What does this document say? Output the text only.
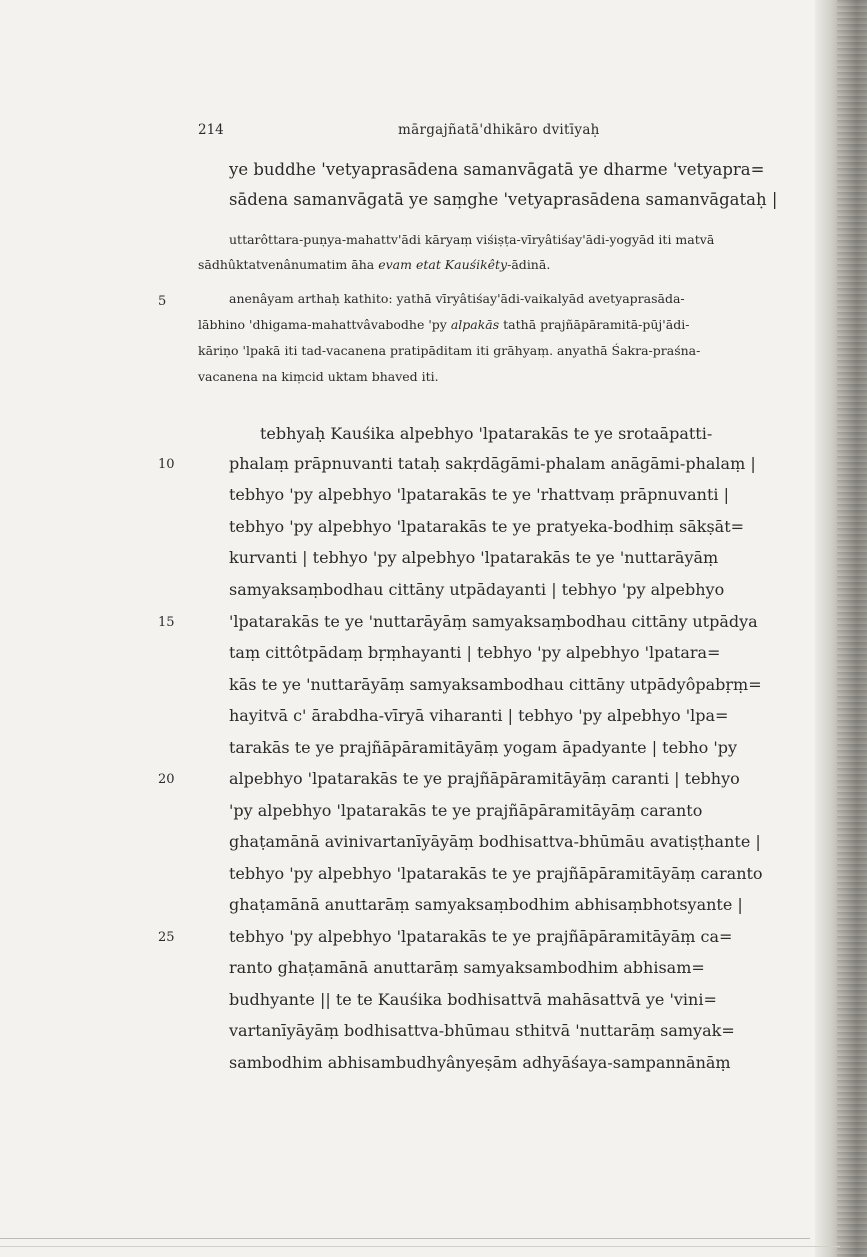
214	mārgajñatā'dhikāro dvitīyaḥ
ye buddhe 'vetyaprasādena samanvāgatā ye dharme 'vetyapra=
sādena samanvāgatā ye saṃghe 'vetyaprasādena samanvāgataḥ |
uttarôttara-puṇya-mahattv'ādi kāryaṃ viśiṣṭa-vīryâtiśay'ādi-yogyād iti matvā
sādhûktatvenânumatim āha evam etat Kauśikêty-ādinā.
anenâyam arthaḥ kathito: yathā vīryâtiśay'ādi-vaikalyād avetyaprasāda-
lābhino 'dhigama-mahattvâvabodhe 'py alpakās tathā prajñāpāramitā-pūj'ādi-
kāriṇo 'lpakā iti tad-vacanena pratipāditam iti grāhyaṃ. anyathā Śakra-praśna-
vacanena na kiṃcid uktam bhaved iti.
tebhyaḥ Kauśika alpebhyo 'lpatarakās te ye srotaāpatti-
phalaṃ prāpnuvanti tataḥ sakṛdāgāmi-phalam anāgāmi-phalaṃ |
tebhyo 'py alpebhyo 'lpatarakās te ye 'rhattvaṃ prāpnuvanti |
tebhyo 'py alpebhyo 'lpatarakās te ye pratyeka-bodhiṃ sākṣāt=
kurvanti | tebhyo 'py alpebhyo 'lpatarakās te ye 'nuttarāyāṃ
samyaksaṃbodhau cittāny utpādayanti | tebhyo 'py alpebhyo
'lpatarakās te ye 'nuttarāyāṃ samyaksaṃbodhau cittāny utpādya
taṃ cittôtpādaṃ bṛṃhayanti | tebhyo 'py alpebhyo 'lpatara=
kās te ye 'nuttarāyāṃ samyaksambodhau cittāny utpādyôpabṛṃ=
hayitvā c' ārabdha-vīryā viharanti | tebhyo 'py alpebhyo 'lpa=
tarakās te ye prajñāpāramitāyāṃ yogam āpadyante | tebho 'py
alpebhyo 'lpatarakās te ye prajñāpāramitāyāṃ caranti | tebhyo
'py alpebhyo 'lpatarakās te ye prajñāpāramitāyāṃ caranto
ghaṭamānā avinivartanīyāyāṃ bodhisattva-bhūmāu avatiṣṭhante |
tebhyo 'py alpebhyo 'lpatarakās te ye prajñāpāramitāyāṃ caranto
ghaṭamānā anuttarāṃ samyaksaṃbodhim abhisaṃbhotsyante |
tebhyo 'py alpebhyo 'lpatarakās te ye prajñāpāramitāyāṃ ca=
ranto ghaṭamānā anuttarāṃ samyaksambodhim abhisam=
budhyante || te te Kauśika bodhisattvā mahāsattvā ye 'vini=
vartanīyāyāṃ bodhisattva-bhūmau sthitvā 'nuttarāṃ samyak=
sambodhim abhisambudhyânyeṣām adhyāśaya-sampannānāṃ
5
10
15
20
25
